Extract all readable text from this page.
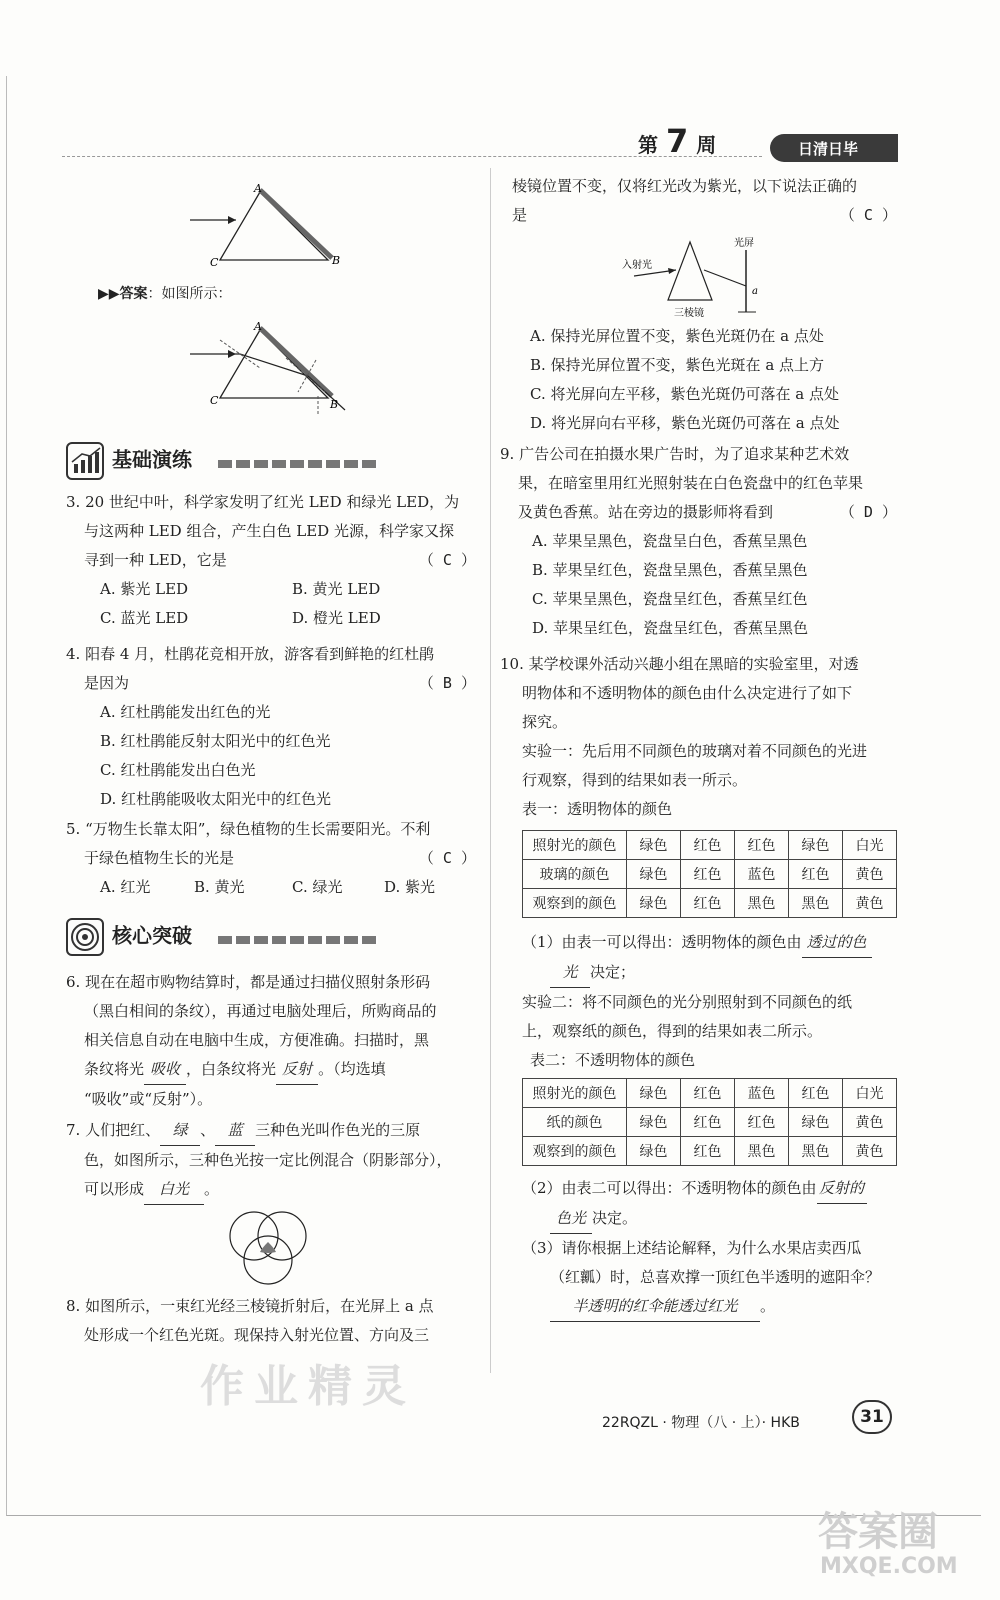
第 7 周	日清日毕
A
B
C
▶▶答案：如图所示：
A
B
C
基础演练
3. 20 世纪中叶，科学家发明了红光 LED 和绿光 LED，为
与这两种 LED 组合，产生白色 LED 光源，科学家又探
寻到一种 LED，它是	（ C ）
A. 紫光 LED	B. 黄光 LED
C. 蓝光 LED	D. 橙光 LED
4. 阳春 4 月，杜鹃花竞相开放，游客看到鲜艳的红杜鹃
是因为	（ B ）
A. 红杜鹃能发出红色的光
B. 红杜鹃能反射太阳光中的红色光
C. 红杜鹃能发出白色光
D. 红杜鹃能吸收太阳光中的红色光
5. “万物生长靠太阳”，绿色植物的生长需要阳光。不利
于绿色植物生长的光是	（ C ）
A. 红光	B. 黄光	C. 绿光	D. 紫光
核心突破
6. 现在在超市购物结算时，都是通过扫描仪照射条形码
（黑白相间的条纹），再通过电脑处理后，所购商品的
相关信息自动在电脑中生成，方便准确。扫描时，黑
条纹将光 吸收 ，白条纹将光 反射 。（均选填
“吸收”或“反射”）。
7. 人们把红、 绿 、 蓝 三种色光叫作色光的三原
色，如图所示，三种色光按一定比例混合（阴影部分），
可以形成 白光 。
8. 如图所示，一束红光经三棱镜折射后，在光屏上 a 点
处形成一个红色光斑。现保持入射光位置、方向及三
棱镜位置不变，仅将红光改为紫光，以下说法正确的
是	（ C ）
入射光
光屏
三棱镜
a
A. 保持光屏位置不变，紫色光斑仍在 a 点处
B. 保持光屏位置不变，紫色光斑在 a 点上方
C. 将光屏向左平移，紫色光斑仍可落在 a 点处
D. 将光屏向右平移，紫色光斑仍可落在 a 点处
9. 广告公司在拍摄水果广告时，为了追求某种艺术效
果，在暗室里用红光照射装在白色瓷盘中的红色苹果
及黄色香蕉。站在旁边的摄影师将看到	（ D ）
A. 苹果呈黑色，瓷盘呈白色，香蕉呈黑色
B. 苹果呈红色，瓷盘呈黑色，香蕉呈黑色
C. 苹果呈黑色，瓷盘呈红色，香蕉呈红色
D. 苹果呈红色，瓷盘呈红色，香蕉呈黑色
10. 某学校课外活动兴趣小组在黑暗的实验室里，对透
明物体和不透明物体的颜色由什么决定进行了如下
探究。
实验一：先后用不同颜色的玻璃对着不同颜色的光进
行观察，得到的结果如表一所示。
表一：透明物体的颜色
照射光的颜色	绿色	红色	红色	绿色	白光
玻璃的颜色	绿色	红色	蓝色	红色	黄色
观察到的颜色	绿色	红色	黑色	黑色	黄色
（1）由表一可以得出：透明物体的颜色由 透过的色
光 决定；
实验二：将不同颜色的光分别照射到不同颜色的纸
上，观察纸的颜色，得到的结果如表二所示。
表二：不透明物体的颜色
照射光的颜色	绿色	红色	蓝色	红色	白光
纸的颜色	绿色	红色	红色	绿色	黄色
观察到的颜色	绿色	红色	黑色	黑色	黄色
（2）由表二可以得出：不透明物体的颜色由 反射的
色光 决定。
（3）请你根据上述结论解释，为什么水果店卖西瓜
（红瓤）时，总喜欢撑一顶红色半透明的遮阳伞？
半透明的红伞能透过红光 。
22RQZL · 物理（八 · 上）· HKB	31
作业精灵
答案圈
MXQE.COM
